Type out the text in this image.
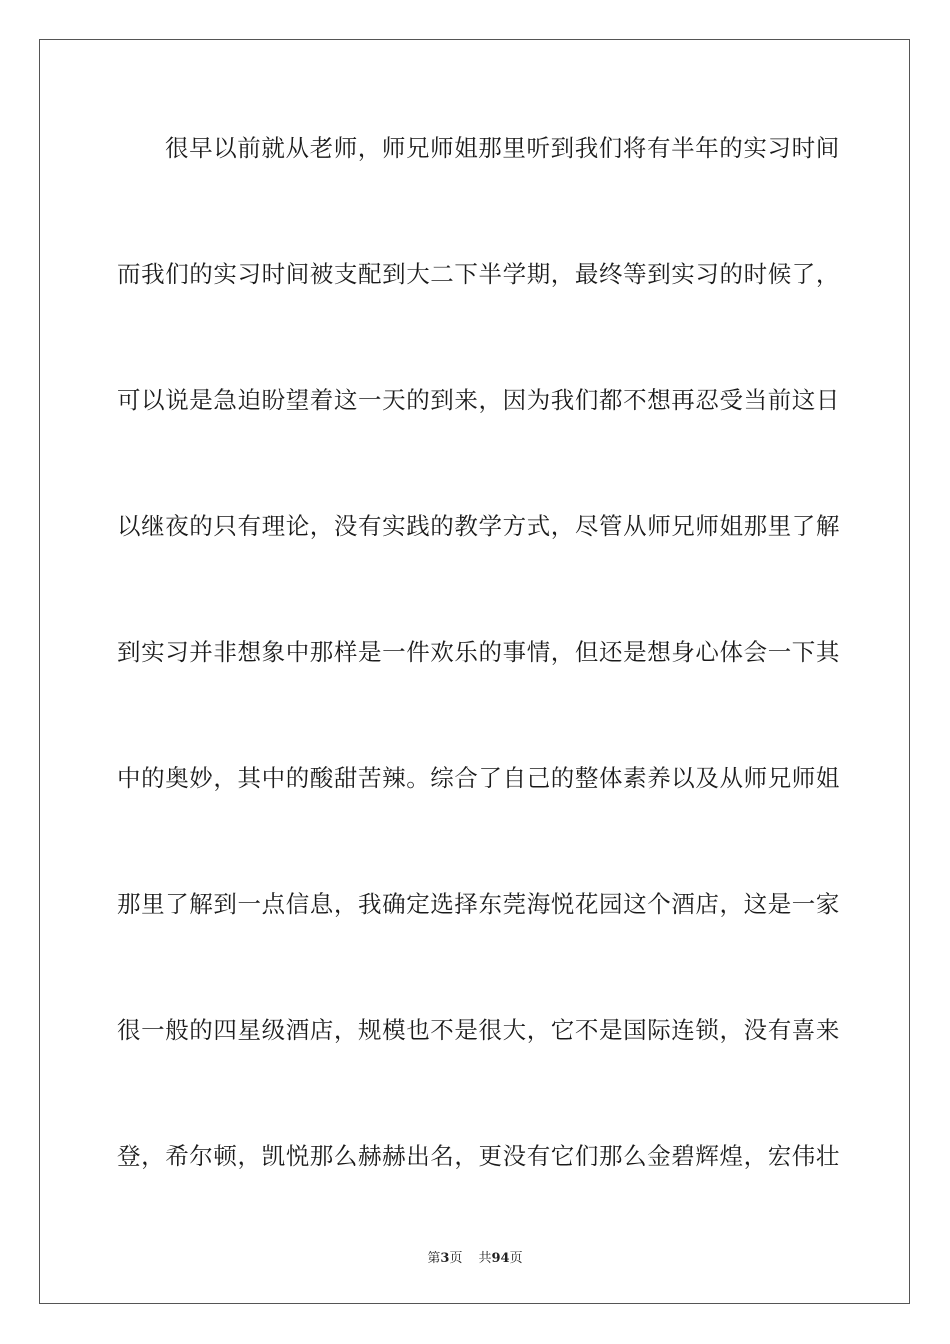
很早以前就从老师，师兄师姐那里听到我们将有半年的实习时间
而我们的实习时间被支配到大二下半学期，最终等到实习的时候了，
可以说是急迫盼望着这一天的到来，因为我们都不想再忍受当前这日
以继夜的只有理论，没有实践的教学方式，尽管从师兄师姐那里了解
到实习并非想象中那样是一件欢乐的事情，但还是想身心体会一下其
中的奥妙，其中的酸甜苦辣。综合了自己的整体素养以及从师兄师姐
那里了解到一点信息，我确定选择东莞海悦花园这个酒店，这是一家
很一般的四星级酒店，规模也不是很大，它不是国际连锁，没有喜来
登，希尔顿，凯悦那么赫赫出名，更没有它们那么金碧辉煌，宏伟壮
第3页 共94页
